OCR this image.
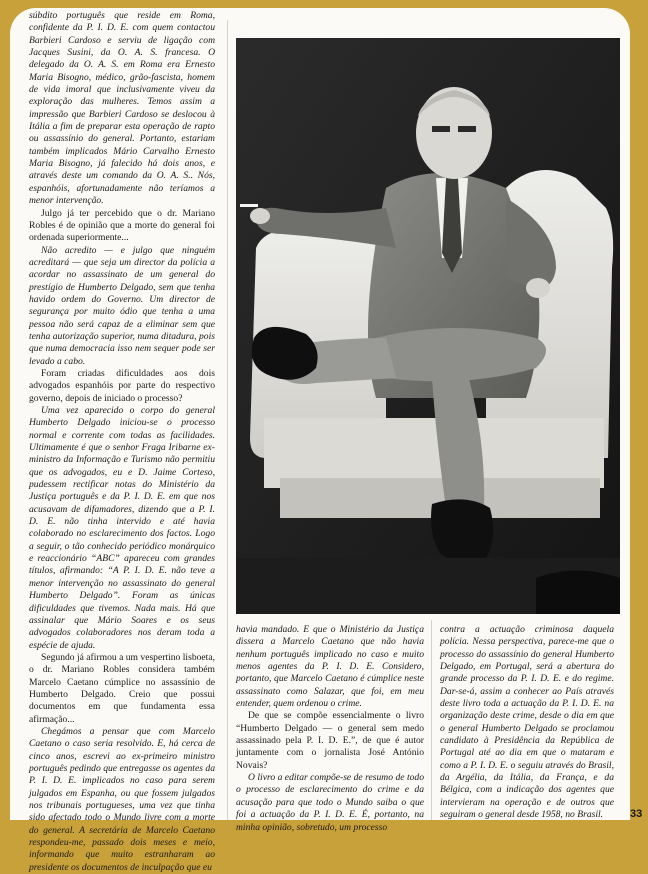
súbdito português que reside em Roma, confidente da P. I. D. E. com quem contactou Barbieri Cardoso e serviu de ligação com Jacques Susini, da O. A. S. francesa. O delegado da O. A. S. em Roma era Ernesto Maria Bisogno, médico, grão-fascista, homem de vida imoral que inclusivamente viveu da exploração das mulheres. Temos assim a impressão que Barbieri Cardoso se deslocou à Itália a fim de preparar esta operação de rapto ou assassínio do general. Portanto, estariam também implicados Mário Carvalho Ernesto Maria Bisogno, já falecido há dois anos, e através deste um comando da O. A. S.. Nós, espanhóis, afortunadamente não teríamos a menor intervenção.

Julgo já ter percebido que o dr. Mariano Robles é de opinião que a morte do general foi ordenada superiormente...

Não acredito — e julgo que ninguém acreditará — que seja um director da polícia a acordar no assassinato de um general do prestígio de Humberto Delgado, sem que tenha havido ordem do Governo. Um director de segurança por muito ódio que tenha a uma pessoa não será capaz de a eliminar sem que tenha autorização superior, numa ditadura, pois que numa democracia isso nem sequer pode ser levado a cabo.

Foram criadas dificuldades aos dois advogados espanhóis por parte do respectivo governo, depois de iniciado o processo?

Uma vez aparecido o corpo do general Humberto Delgado iniciou-se o processo normal e corrente com todas as facilidades. Ultimamente é que o senhor Fraga Iribarne ex-ministro da Informação e Turismo não permitiu que os advogados, eu e D. Jaime Corteso, pudessem rectificar notas do Ministério da Justiça português e da P. I. D. E. em que nos acusavam de difamadores, dizendo que a P. I. D. E. não tinha intervido e até havia colaborado no esclarecimento dos factos. Logo a seguir, o tão conhecido periódico monárquico e reaccionário “ABC” apareceu com grandes títulos, afirmando: “A P. I. D. E. não teve a menor intervenção no assassinato do general Humberto Delgado”. Foram as únicas dificuldades que tivemos. Nada mais. Há que assinalar que Mário Soares e os seus advogados colaboradores nos deram toda a espécie de ajuda.

Segundo já afirmou a um vespertino lisboeta, o dr. Mariano Robles considera também Marcelo Caetano cúmplice no assassínio de Humberto Delgado. Creio que possui documentos em que fundamenta essa afirmação...

Chegámos a pensar que com Marcelo Caetano o caso seria resolvido. E, há cerca de cinco anos, escrevi ao ex-primeiro ministro português pedindo que entregasse os agentes da P. I. D. E. implicados no caso para serem julgados em Espanha, ou que fossem julgados nos tribunais portugueses, uma vez que tinha sido afectado todo o Mundo livre com a morte do general. A secretária de Marcelo Caetano respondeu-me, passado dois meses e meio, informando que muito estranharam ao presidente os documentos de inculpação que eu

havia mandado. E que o Ministério da Justiça dissera a Marcelo Caetano que não havia nenhum português implicado no caso e muito menos agentes da P. I. D. E. Considero, portanto, que Marcelo Caetano é cúmplice neste assassinato como Salazar, que foi, em meu entender, quem ordenou o crime.

De que se compõe essencialmente o livro “Humberto Delgado — o general sem medo assassinado pela P. I. D. E.”, de que é autor juntamente com o jornalista José António Novais?

O livro a editar compõe-se de resumo de todo o processo de esclarecimento do crime e da acusação para que todo o Mundo saiba o que foi a actuação da P. I. D. E. É, portanto, na minha opinião, sobretudo, um processo

contra a actuação criminosa daquela polícia. Nessa perspectiva, parece-me que o processo do assassínio do general Humberto Delgado, em Portugal, será a abertura do grande processo da P. I. D. E. e do regime. Dar-se-á, assim a conhecer ao País através deste livro toda a actuação da P. I. D. E. na organização deste crime, desde o dia em que o general Humberto Delgado se proclamou candidato à Presidência da República de Portugal até ao dia em que o mataram e como a P. I. D. E. o seguiu através do Brasil, da Argélia, da Itália, da França, e da Bélgica, com a indicação dos agentes que intervieram na operação e de outros que seguiram o general desde 1958, no Brasil.	33
